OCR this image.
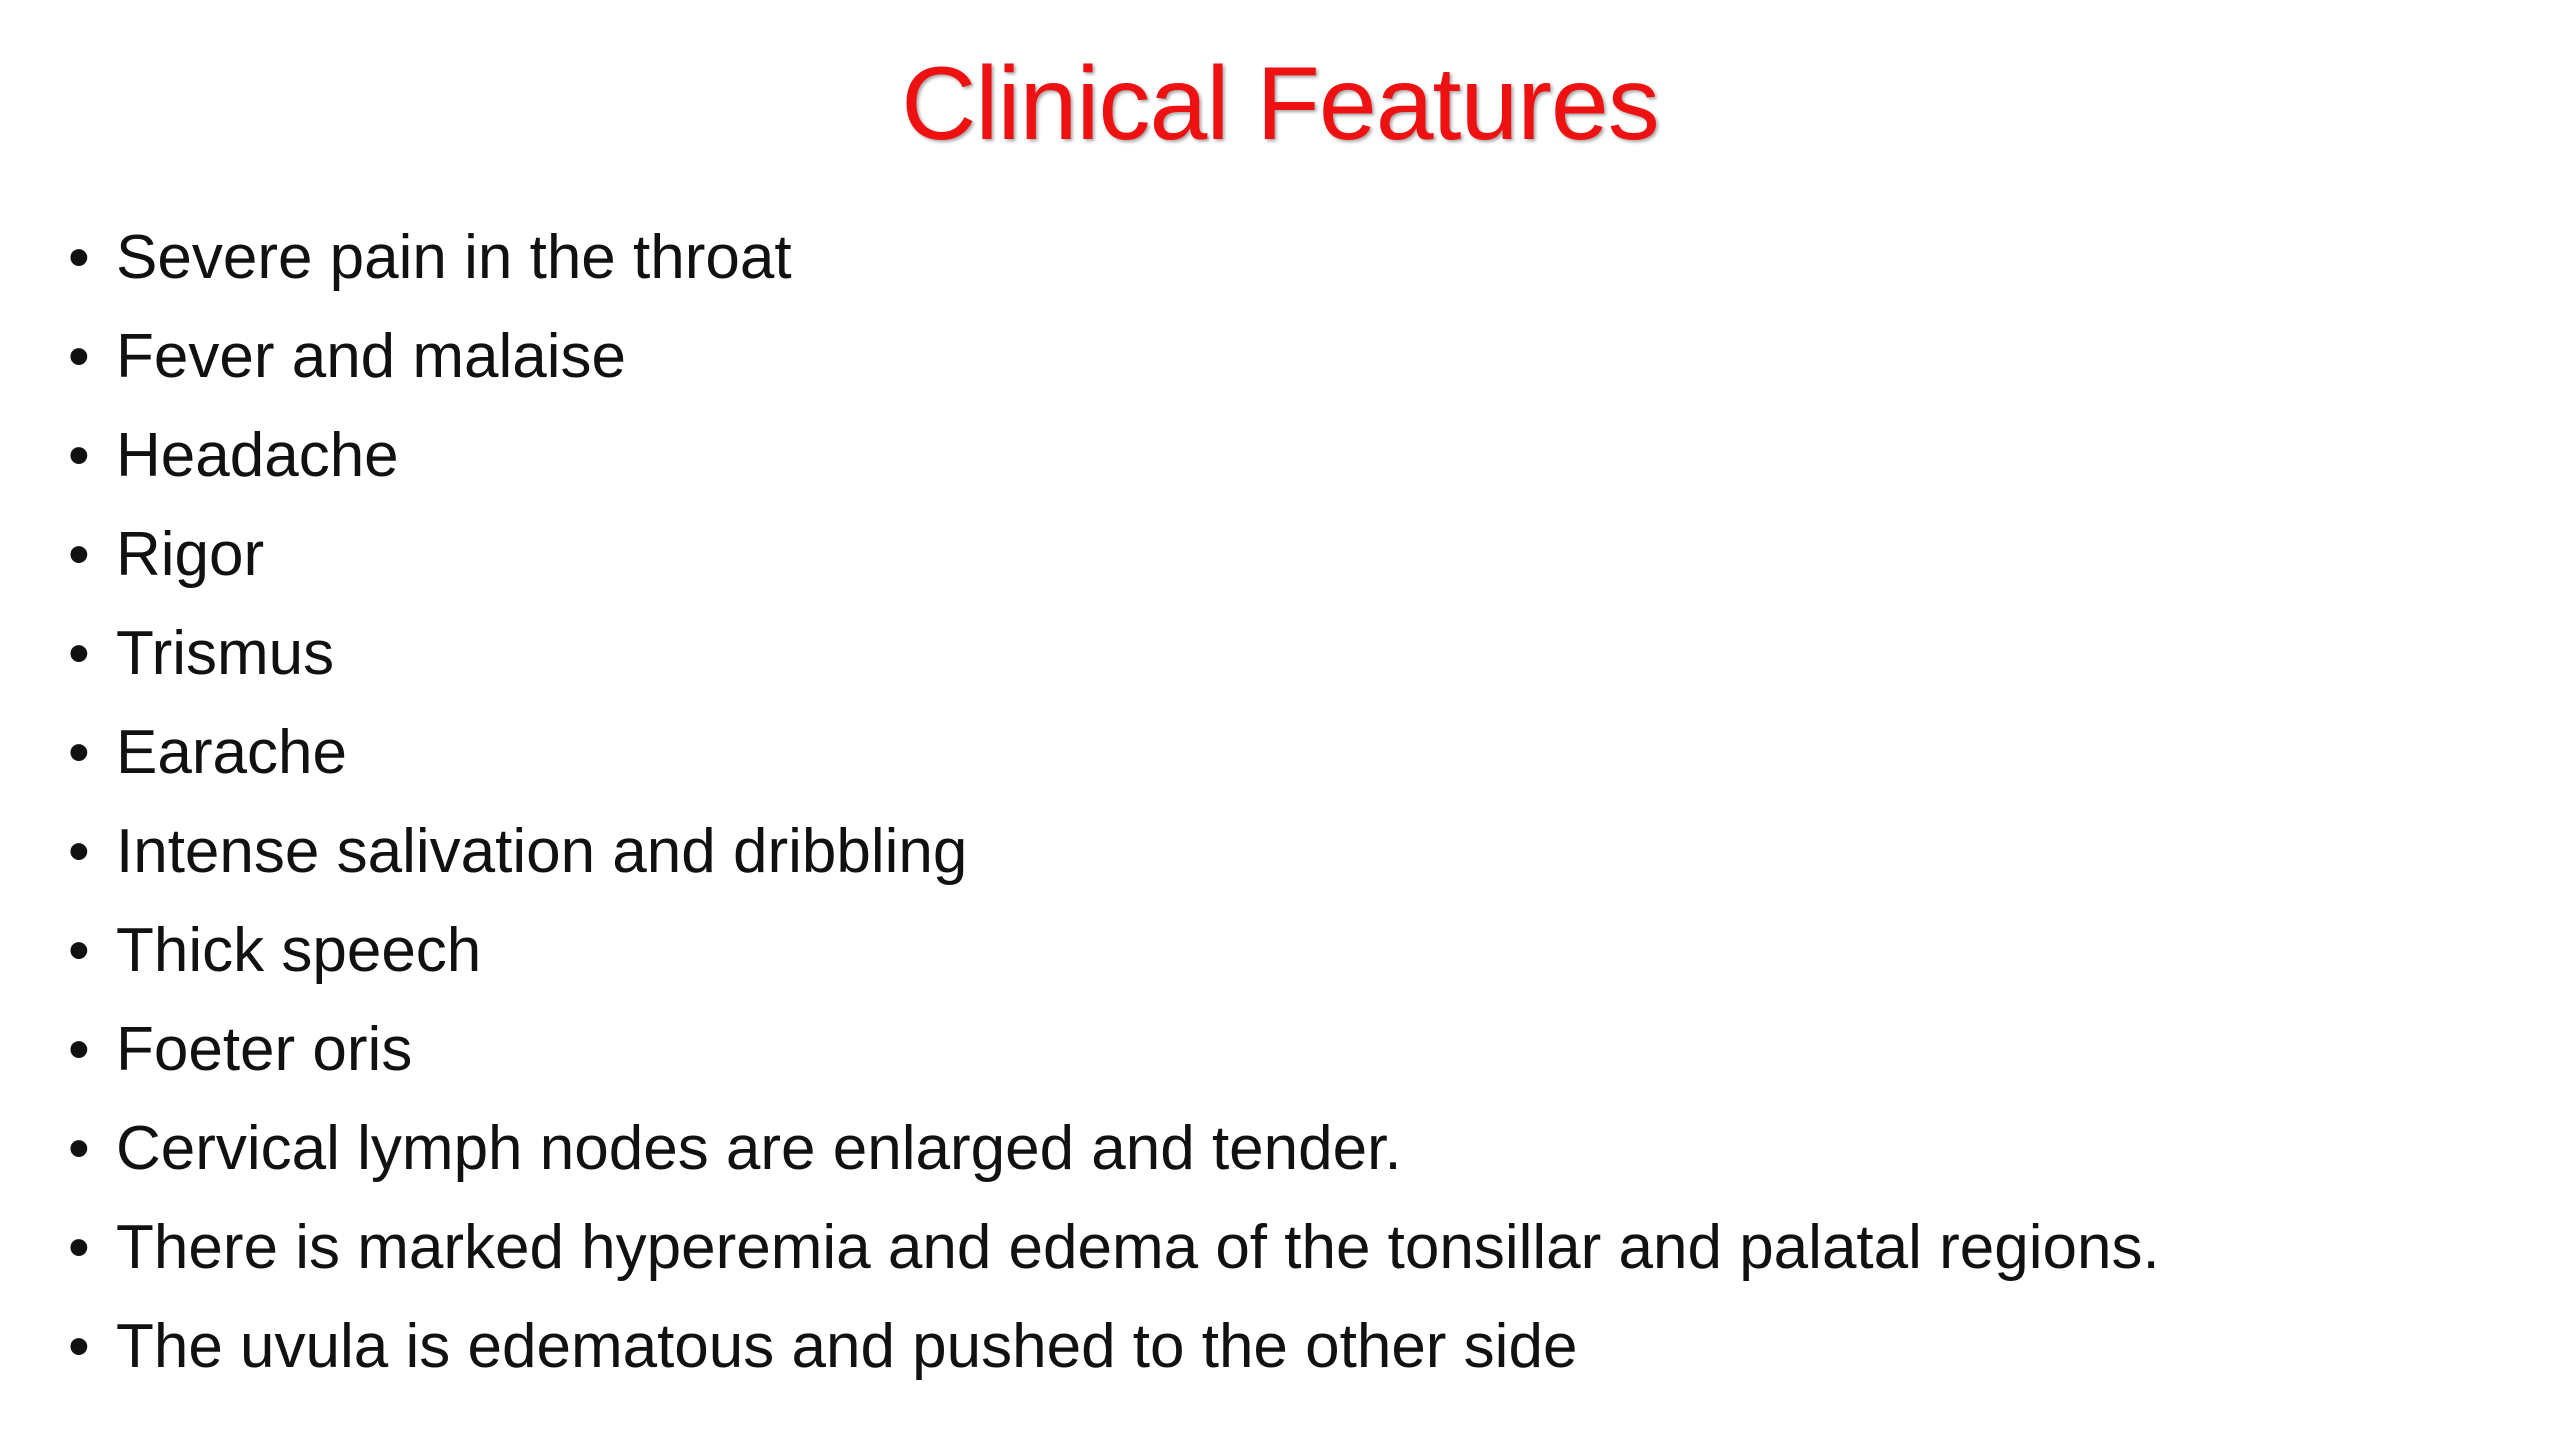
Clinical Features
• Severe pain in the throat
• Fever and malaise
• Headache
• Rigor
• Trismus
• Earache
• Intense salivation and dribbling
• Thick speech
• Foeter oris
• Cervical lymph nodes are enlarged and tender.
• There is marked hyperemia and edema of the tonsillar and palatal regions.
• The uvula is edematous and pushed to the other side
